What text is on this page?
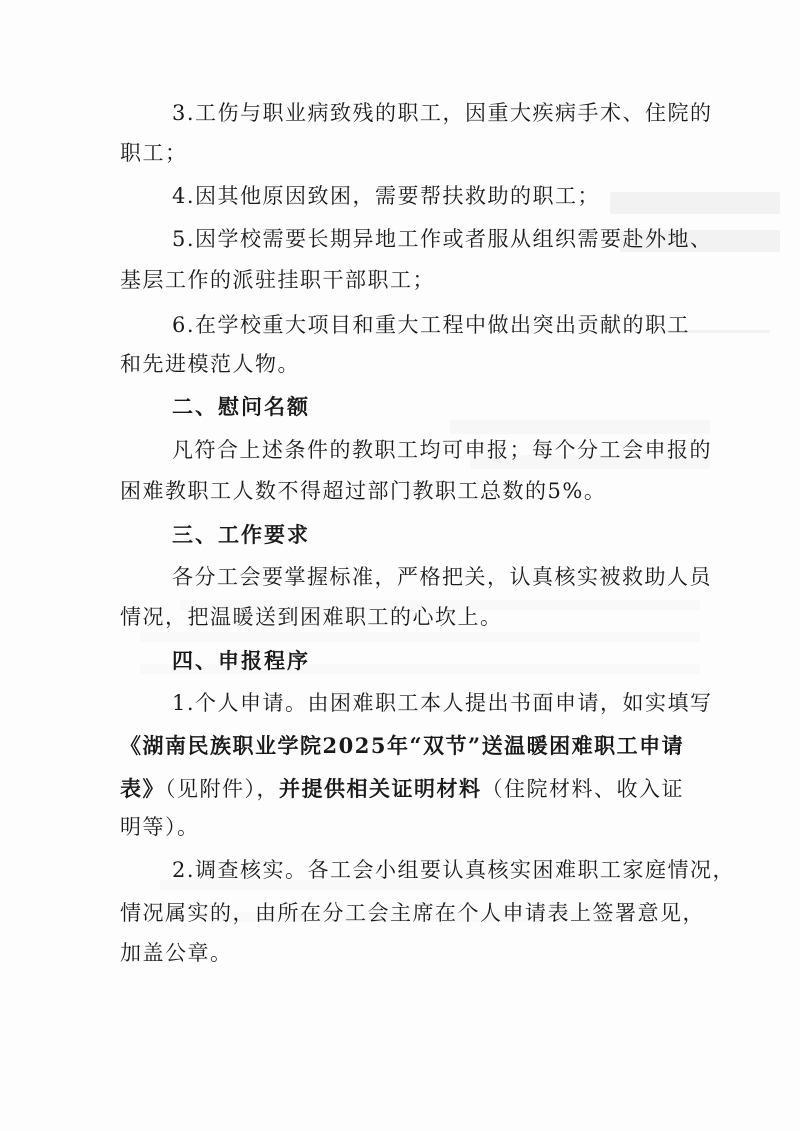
3.工伤与职业病致残的职工，因重大疾病手术、住院的
职工；
4.因其他原因致困，需要帮扶救助的职工；
5.因学校需要长期异地工作或者服从组织需要赴外地、
基层工作的派驻挂职干部职工；
6.在学校重大项目和重大工程中做出突出贡献的职工
和先进模范人物。
二、慰问名额
凡符合上述条件的教职工均可申报；每个分工会申报的
困难教职工人数不得超过部门教职工总数的5%。
三、工作要求
各分工会要掌握标准，严格把关，认真核实被救助人员
情况，把温暖送到困难职工的心坎上。
四、申报程序
1.个人申请。由困难职工本人提出书面申请，如实填写
《湖南民族职业学院2025年“双节”送温暖困难职工申请
表》（见附件），并提供相关证明材料（住院材料、收入证
明等）。
2.调查核实。各工会小组要认真核实困难职工家庭情况，
情况属实的，由所在分工会主席在个人申请表上签署意见，
加盖公章。
